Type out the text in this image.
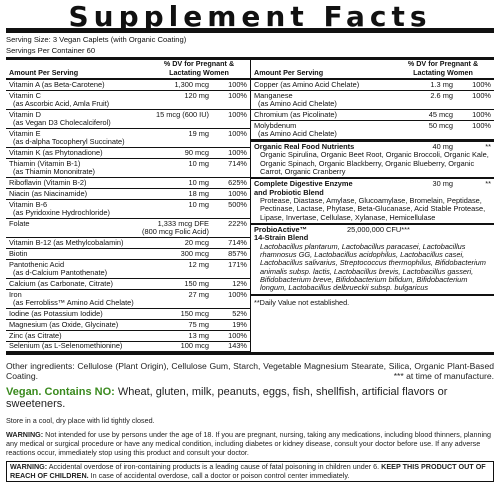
Supplement Facts
Serving Size: 3 Vegan Caplets (with Organic Coating)
Servings Per Container 60
Amount Per Serving
% DV for Pregnant &
Lactating Women
Vitamin A (as Beta-Carotene)	1,300 mcg	100%
Vitamin C
(as Ascorbic Acid, Amla Fruit)
120 mg	100%
Vitamin D
(as Vegan D3 Cholecalciferol)
15 mcg (600 IU)	100%
Vitamin E
(as d-alpha Tocopheryl Succinate)
19 mg	100%
Vitamin K (as Phytonadione)	90 mcg	100%
Thiamin (Vitamin B-1)
(as Thiamin Mononitrate)
10 mg	714%
Riboflavin (Vitamin B-2)	10 mg	625%
Niacin (as Niacinamide)	18 mg	100%
Vitamin B-6
(as Pyridoxine Hydrochloride)
10 mg	500%
Folate	1,333 mcg DFE
(800 mcg Folic Acid)
222%
Vitamin B-12 (as Methylcobalamin)	20 mcg	714%
Biotin	300 mcg	857%
Pantothenic Acid
(as d-Calcium Pantothenate)
12 mg	171%
Calcium (as Carbonate, Citrate)	150 mg	12%
Iron
(as Ferrobliss™ Amino Acid Chelate)
27 mg	100%
Iodine (as Potassium Iodide)	150 mcg	52%
Magnesium (as Oxide, Glycinate)	75 mg	19%
Zinc (as Citrate)	13 mg	100%
Selenium (as L-Selenomethionine)	100 mcg	143%
Amount Per Serving
% DV for Pregnant &
Lactating Women
Copper (as Amino Acid Chelate)	1.3 mg	100%
Manganese
(as Amino Acid Chelate)
2.6 mg	100%
Chromium (as Picolinate)	45 mcg	100%
Molybdenum
(as Amino Acid Chelate)
50 mcg	100%
Organic Real Food Nutrients	40 mg	**
Organic Spirulina, Organic Beet Root, Organic Broccoli, Organic Kale, Organic Spinach, Organic Blackberry, Organic Blueberry, Organic Carrot, Organic Cranberry
Complete Digestive Enzyme
and Probiotic Blend
30 mg	**
Protease, Diastase, Amylase, Glucoamylase, Bromelain, Peptidase, Pectinase, Lactase, Phytase, Beta-Glucanase, Acid Stable Protease, Lipase, Invertase, Cellulase, Xylanase, Hemicellulase
ProbioActive™
14-Strain Blend
25,000,000 CFU***
Lactobacillus plantarum, Lactobacillus paracasei, Lactobacillus rhamnosus GG, Lactobacillus acidophilus, Lactobacillus casei, Lactobacillus salivarius, Streptococcus thermophilus, Bifidobacterium animalis subsp. lactis, Lactobacillus brevis, Lactobacillus gasseri, Bifidobacterium breve, Bifidobacterium bifidum, Bifidobacterium longum, Lactobacillus delbrueckii subsp. bulgaricus
**Daily Value not established.
Other ingredients: Cellulose (Plant Origin), Cellulose Gum, Starch, Vegetable Magnesium Stearate, Silica, Organic Plant-Based Coating.	*** at time of manufacture.
Vegan. Contains NO: Wheat, gluten, milk, peanuts, eggs, fish, shellfish, artificial flavors or sweeteners.
Store in a cool, dry place with lid tightly closed.
WARNING: Not intended for use by persons under the age of 18. If you are pregnant, nursing, taking any medications, including blood thinners, planning any medical or surgical procedure or have any medical condition, including diabetes or kidney disease, consult your doctor before use. If any adverse reactions occur, immediately stop using this product and consult your doctor.
WARNING: Accidental overdose of iron-containing products is a leading cause of fatal poisoning in children under 6. KEEP THIS PRODUCT OUT OF REACH OF CHILDREN. In case of accidental overdose, call a doctor or poison control center immediately.
